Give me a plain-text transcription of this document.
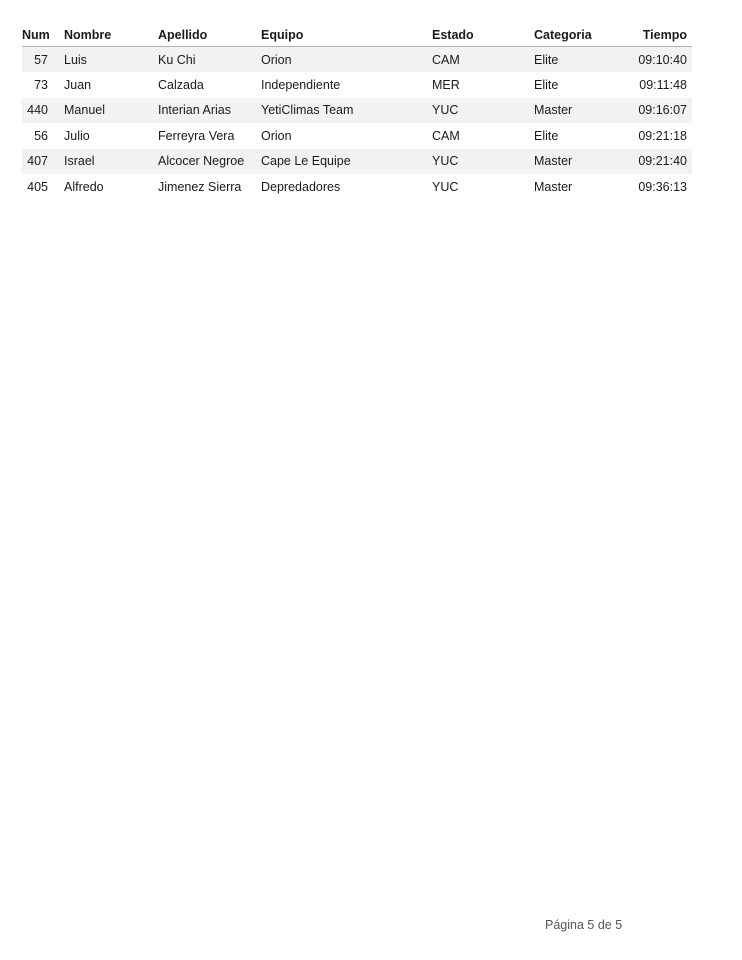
Num	Nombre	Apellido	Equipo	Estado	Categoria	Tiempo
57	Luis	Ku Chi	Orion	CAM	Elite	09:10:40
73	Juan	Calzada	Independiente	MER	Elite	09:11:48
440	Manuel	Interian Arias	YetiClimas Team	YUC	Master	09:16:07
56	Julio	Ferreyra Vera	Orion	CAM	Elite	09:21:18
407	Israel	Alcocer Negroe	Cape Le Equipe	YUC	Master	09:21:40
405	Alfredo	Jimenez Sierra	Depredadores	YUC	Master	09:36:13
Página 5 de 5
